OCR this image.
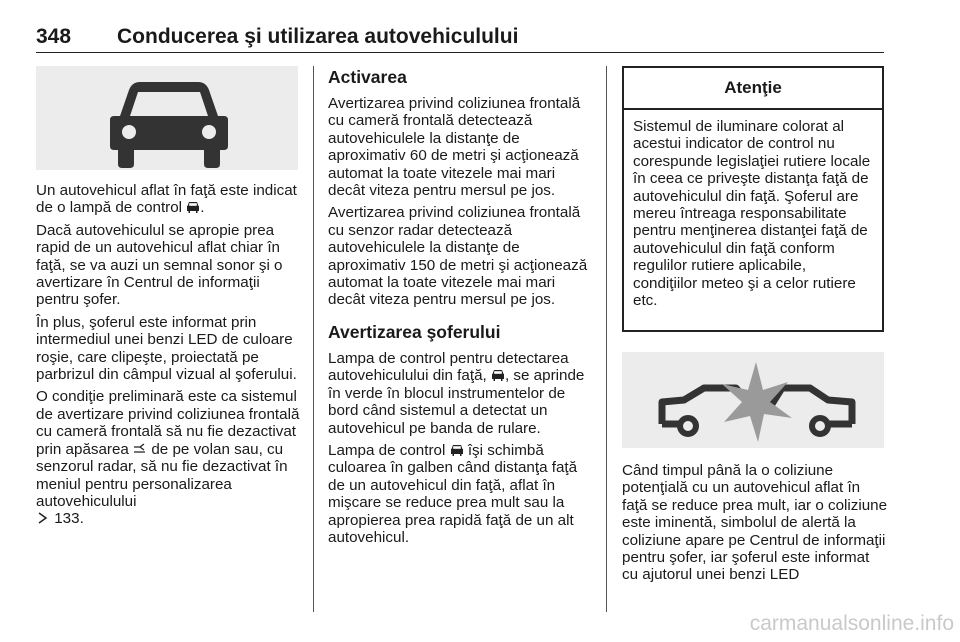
348 Conducerea şi utilizarea autovehiculului

Un autovehicul aflat în faţă este indicat de o lampă de control .

Dacă autovehiculul se apropie prea rapid de un autovehicul aflat chiar în faţă, se va auzi un semnal sonor şi o avertizare în Centrul de informaţii pentru şofer.

În plus, şoferul este informat prin intermediul unei benzi LED de culoare roşie, care clipeşte, proiectată pe parbrizul din câmpul vizual al şoferului.

O condiţie preliminară este ca sistemul de avertizare privind coliziunea frontală cu cameră frontală să nu fie dezactivat prin apăsarea de pe volan sau, cu senzorul radar, să nu fie dezactivat în meniul pentru personalizarea autovehiculului
133.

Activarea

Avertizarea privind coliziunea frontală cu cameră frontală detectează autovehiculele la distanţe de aproximativ 60 de metri şi acţionează automat la toate vitezele mai mari decât viteza pentru mersul pe jos.

Avertizarea privind coliziunea frontală cu senzor radar detectează autovehiculele la distanţe de aproximativ 150 de metri şi acţionează automat la toate vitezele mai mari decât viteza pentru mersul pe jos.

Avertizarea şoferului

Lampa de control pentru detectarea autovehiculului din faţă, , se aprinde în verde în blocul instrumentelor de bord când sistemul a detectat un autovehicul pe banda de rulare.

Lampa de control îşi schimbă culoarea în galben când distanţa faţă de un autovehicul din faţă, aflat în mişcare se reduce prea mult sau la apropierea prea rapidă faţă de un alt autovehicul.

Atenţie
Sistemul de iluminare colorat al acestui indicator de control nu corespunde legislaţiei rutiere locale în ceea ce priveşte distanţa faţă de autovehiculul din faţă. Şoferul are mereu întreaga responsabilitate pentru menţinerea distanţei faţă de autovehiculul din faţă conform regulilor rutiere aplicabile, condiţiilor meteo şi a celor rutiere etc.

Când timpul până la o coliziune potenţială cu un autovehicul aflat în faţă se reduce prea mult, iar o coliziune este iminentă, simbolul de alertă la coliziune apare pe Centrul de informaţii pentru şofer, iar şoferul este informat cu ajutorul unei benzi LED

carmanualsonline.info
